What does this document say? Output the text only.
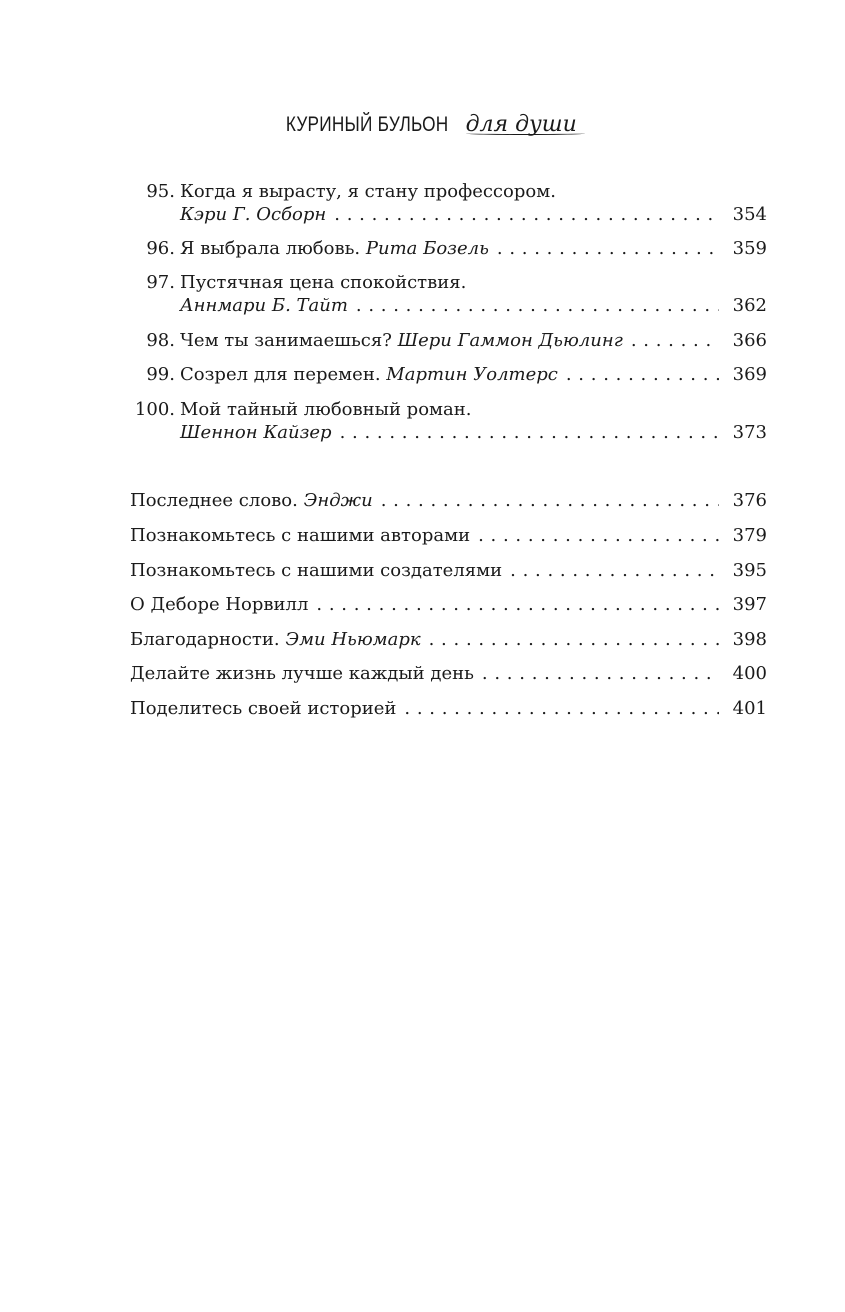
КУРИНЫЙ БУЛЬОН для души
95. Когда я вырасту, я стану профессором.
Кэри Г. Осборн . . .	354
96. Я выбрала любовь.
Рита Бозель . . .	359
97. Пустячная цена спокойствия.
Аннмари Б. Тайт . . .	362
98. Чем ты занимаешься?
Шери Гаммон Дьюлинг . . .	366
99. Созрел для перемен.
Мартин Уолтерс . . .	369
100. Мой тайный любовный роман.
Шеннон Кайзер . . .	373
Последнее слово.
Энджи . . .	376
Познакомьтесь с нашими авторами . . .	379
Познакомьтесь с нашими создателями . . .	395
О Деборе Норвилл . . .	397
Благодарности.
Эми Ньюмарк . . .	398
Делайте жизнь лучше каждый день . . .	400
Поделитесь своей историей . . .	401
